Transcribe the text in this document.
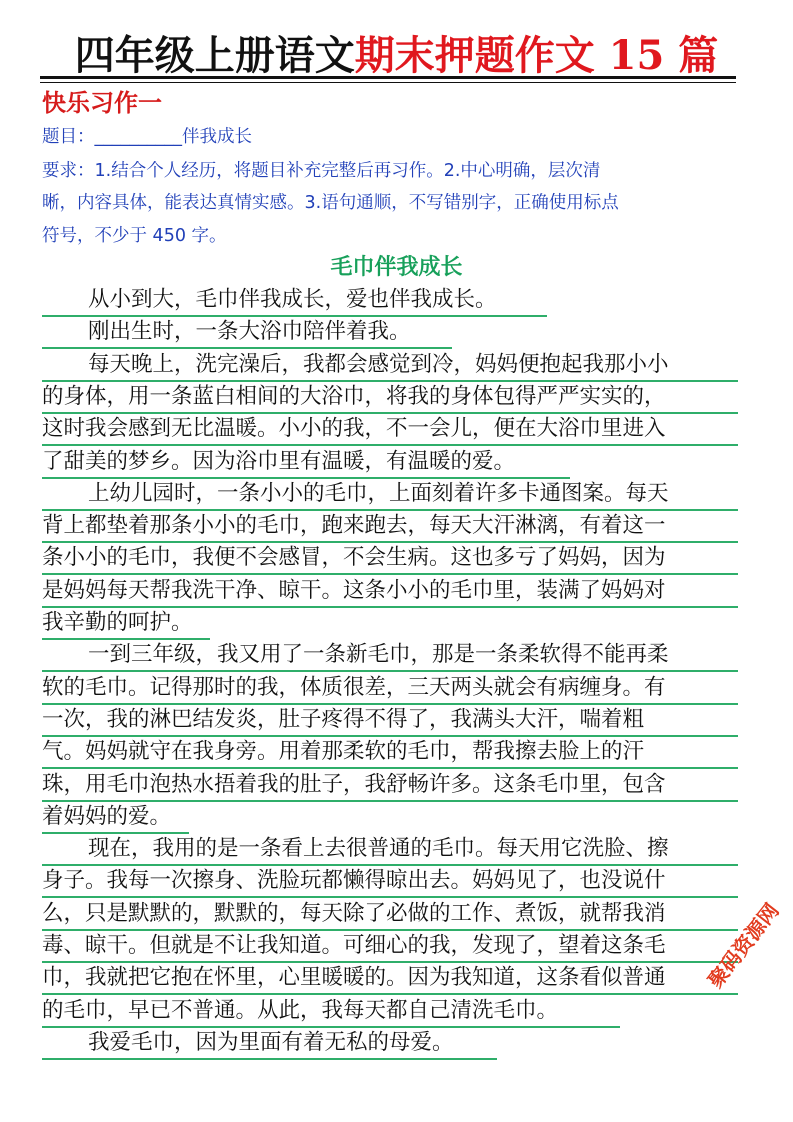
四年级上册语文期末押题作文 15 篇
快乐习作一
题目：__________伴我成长
要求：1.结合个人经历，将题目补充完整后再习作。2.中心明确，层次清
晰，内容具体，能表达真情实感。3.语句通顺，不写错别字，正确使用标点
符号，不少于 450 字。
毛巾伴我成长
从小到大，毛巾伴我成长，爱也伴我成长。
刚出生时，一条大浴巾陪伴着我。
每天晚上，洗完澡后，我都会感觉到冷，妈妈便抱起我那小小
的身体，用一条蓝白相间的大浴巾，将我的身体包得严严实实的，
这时我会感到无比温暖。小小的我，不一会儿，便在大浴巾里进入
了甜美的梦乡。因为浴巾里有温暖，有温暖的爱。
上幼儿园时，一条小小的毛巾，上面刻着许多卡通图案。每天
背上都垫着那条小小的毛巾，跑来跑去，每天大汗淋漓，有着这一
条小小的毛巾，我便不会感冒，不会生病。这也多亏了妈妈，因为
是妈妈每天帮我洗干净、晾干。这条小小的毛巾里，装满了妈妈对
我辛勤的呵护。
一到三年级，我又用了一条新毛巾，那是一条柔软得不能再柔
软的毛巾。记得那时的我，体质很差，三天两头就会有病缠身。有
一次，我的淋巴结发炎，肚子疼得不得了，我满头大汗，喘着粗
气。妈妈就守在我身旁。用着那柔软的毛巾，帮我擦去脸上的汗
珠，用毛巾泡热水捂着我的肚子，我舒畅许多。这条毛巾里，包含
着妈妈的爱。
现在，我用的是一条看上去很普通的毛巾。每天用它洗脸、擦
身子。我每一次擦身、洗脸玩都懒得晾出去。妈妈见了，也没说什
么，只是默默的，默默的，每天除了必做的工作、煮饭，就帮我消
毒、晾干。但就是不让我知道。可细心的我，发现了，望着这条毛
巾，我就把它抱在怀里，心里暖暖的。因为我知道，这条看似普通
的毛巾，早已不普通。从此，我每天都自己清洗毛巾。
我爱毛巾，因为里面有着无私的母爱。
聚码资源网
